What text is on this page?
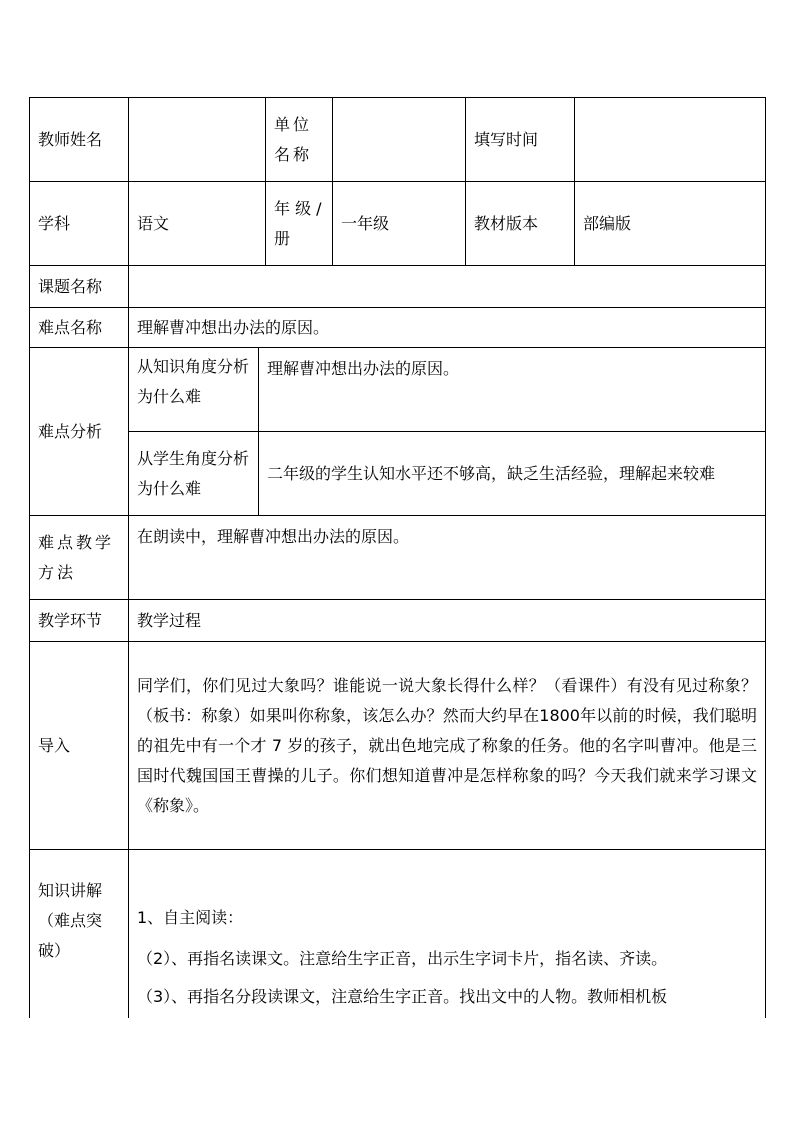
教师姓名			单位名称		填写时间	
学科	语文		年 级 / 册	一年级	教材版本	部编版
课题名称						
难点名称	理解曹冲想出办法的原因。					
难点分析	从知识角度分析为什么难	理解曹冲想出办法的原因。				
	从学生角度分析为什么难	二年级的学生认知水平还不够高，缺乏生活经验，理解起来较难				
难点教学方法	在朗读中，理解曹冲想出办法的原因。					
教学环节	教学过程					
导入	同学们，你们见过大象吗？谁能说一说大象长得什么样？（看课件）有没有见过称象？（板书：称象）如果叫你称象，该怎么办？然而大约早在1800年以前的时候，我们聪明的祖先中有一个才 7 岁的孩子，就出色地完成了称象的任务。他的名字叫曹冲。他是三国时代魏国国王曹操的儿子。你们想知道曹冲是怎样称象的吗？今天我们就来学习课文《称象》。					
知识讲解（难点突破）	1、自主阅读：
（2）、再指名读课文。注意给生字正音，出示生字词卡片，指名读、齐读。
（3）、再指名分段读课文，注意给生字正音。找出文中的人物。教师相机板					
